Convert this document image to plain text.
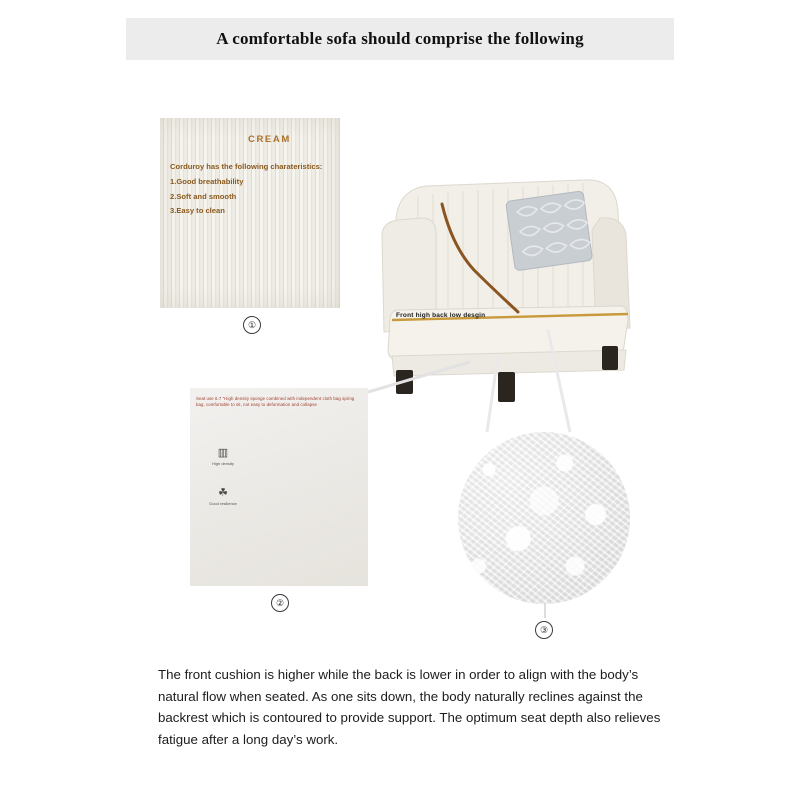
A comfortable sofa should comprise the following
CREAM
Corduroy has the following charateristics:
1.Good breathability
2.Soft and smooth
3.Easy to clean
①
Seat use 6.7 "High density sponge combined with independent cloth bag spring bag, comfortable to sit, not easy to deformation and collapse
▥
High density
☘
Good resilience
②
Front high back low desgin
③
The front cushion is higher while the back is lower in order to align with the body’s natural flow when seated. As one sits down, the body naturally reclines against the backrest which is contoured to provide support. The optimum seat depth also relieves fatigue after a long day’s work.
